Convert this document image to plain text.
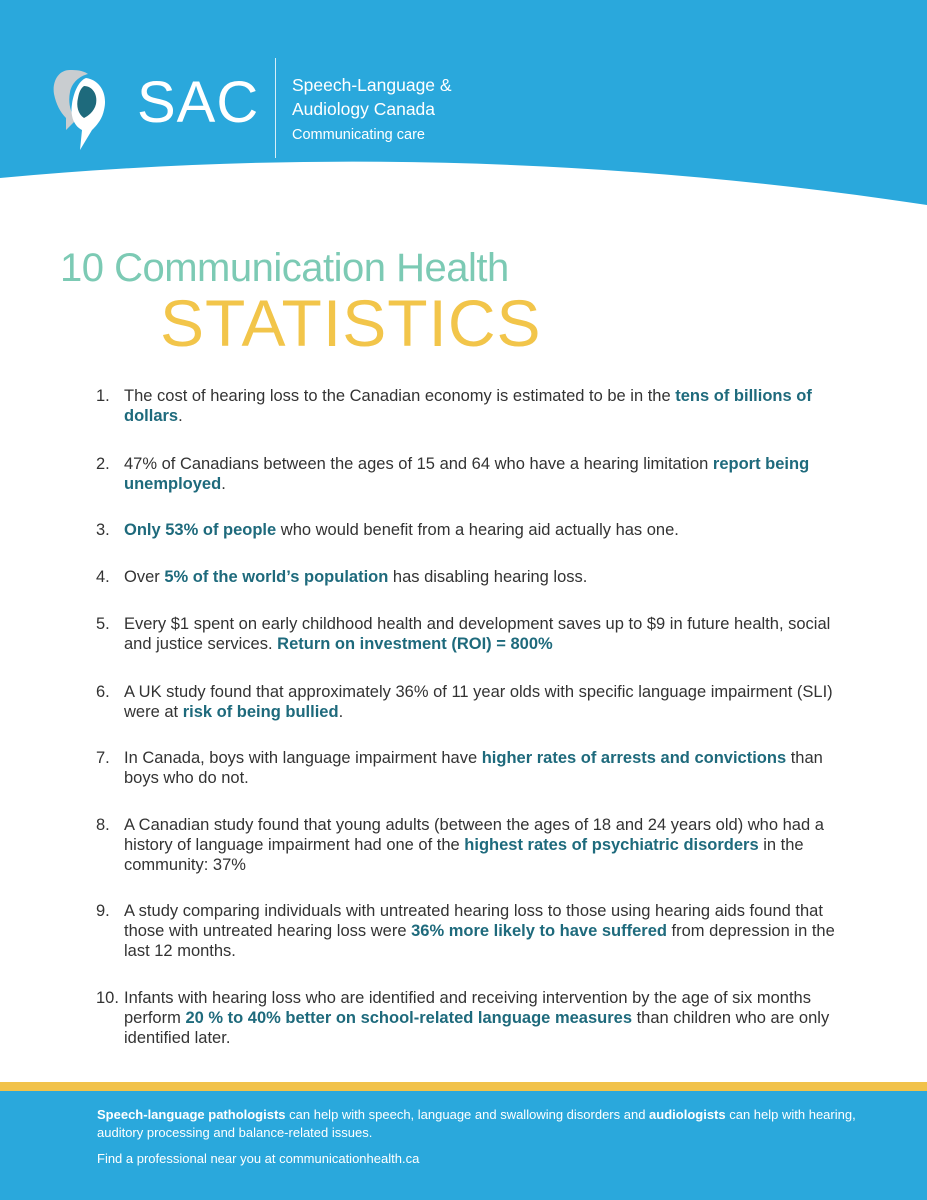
SAC Speech-Language &
Audiology Canada
Communicating care
10 Communication Health
STATISTICS
1. The cost of hearing loss to the Canadian economy is estimated to be in the tens of billions of dollars.
2. 47% of Canadians between the ages of 15 and 64 who have a hearing limitation report being unemployed.
3. Only 53% of people who would benefit from a hearing aid actually has one.
4. Over 5% of the world’s population has disabling hearing loss.
5. Every $1 spent on early childhood health and development saves up to $9 in future health, social and justice services. Return on investment (ROI) = 800%
6. A UK study found that approximately 36% of 11 year olds with specific language impairment (SLI) were at risk of being bullied.
7. In Canada, boys with language impairment have higher rates of arrests and convictions than boys who do not.
8. A Canadian study found that young adults (between the ages of 18 and 24 years old) who had a history of language impairment had one of the highest rates of psychiatric disorders in the community: 37%
9. A study comparing individuals with untreated hearing loss to those using hearing aids found that those with untreated hearing loss were 36% more likely to have suffered from depression in the last 12 months.
10. Infants with hearing loss who are identified and receiving intervention by the age of six months perform 20 % to 40% better on school-related language measures than children who are only identified later.
Speech-language pathologists can help with speech, language and swallowing disorders and audiologists can help with hearing, auditory processing and balance-related issues.
Find a professional near you at communicationhealth.ca
